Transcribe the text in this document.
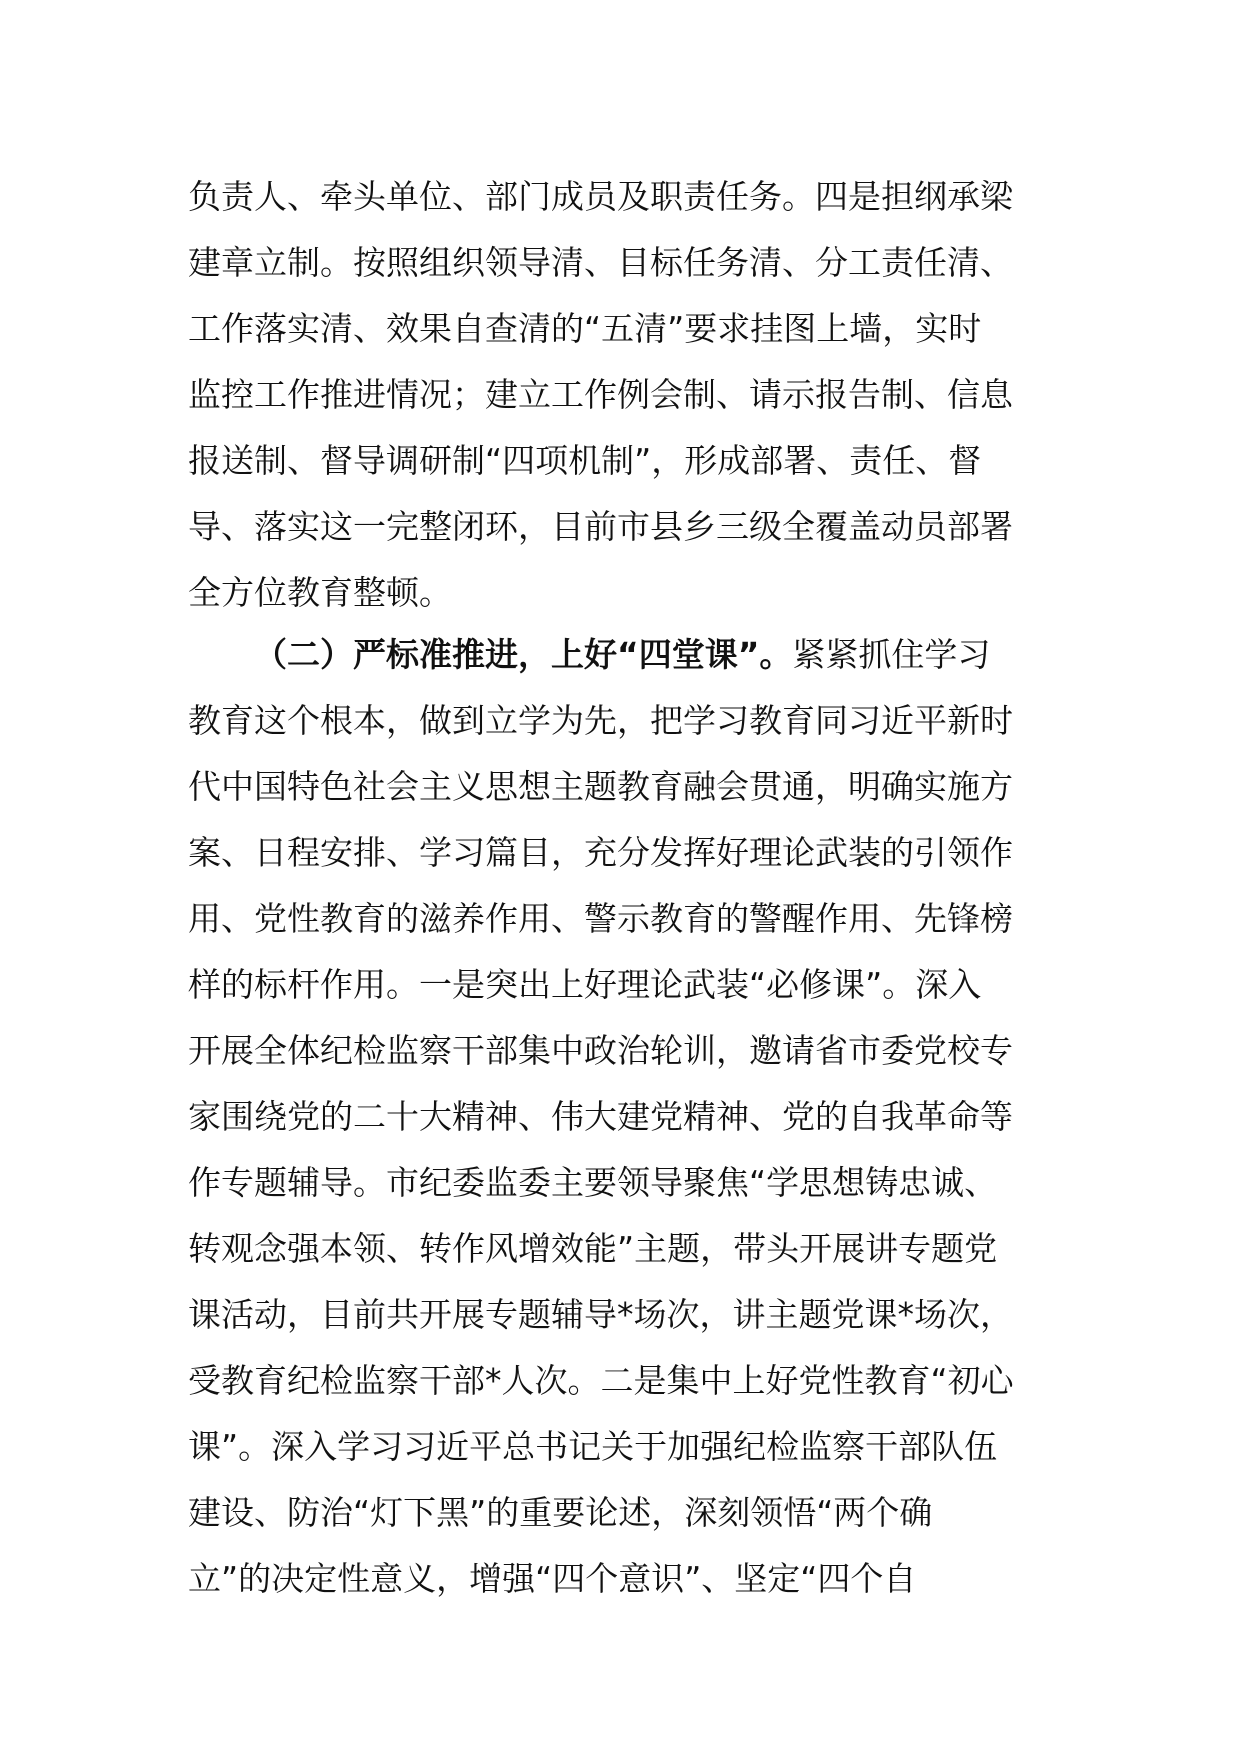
负责人、牵头单位、部门成员及职责任务。四是担纲承梁
建章立制。按照组织领导清、目标任务清、分工责任清、
工作落实清、效果自查清的“五清”要求挂图上墙，实时
监控工作推进情况；建立工作例会制、请示报告制、信息
报送制、督导调研制“四项机制”，形成部署、责任、督
导、落实这一完整闭环，目前市县乡三级全覆盖动员部署
全方位教育整顿。
（二）严标准推进，上好“四堂课”。 紧紧抓住学习
教育这个根本，做到立学为先，把学习教育同习近平新时
代中国特色社会主义思想主题教育融会贯通，明确实施方
案、日程安排、学习篇目，充分发挥好理论武装的引领作
用、党性教育的滋养作用、警示教育的警醒作用、先锋榜
样的标杆作用。一是突出上好理论武装“必修课”。深入
开展全体纪检监察干部集中政治轮训，邀请省市委党校专
家围绕党的二十大精神、伟大建党精神、党的自我革命等
作专题辅导。市纪委监委主要领导聚焦“学思想铸忠诚、
转观念强本领、转作风增效能”主题，带头开展讲专题党
课活动，目前共开展专题辅导*场次，讲主题党课*场次，
受教育纪检监察干部*人次。二是集中上好党性教育“初心
课”。深入学习习近平总书记关于加强纪检监察干部队伍
建设、防治“灯下黑”的重要论述，深刻领悟“两个确
立”的决定性意义，增强“四个意识”、坚定“四个自
